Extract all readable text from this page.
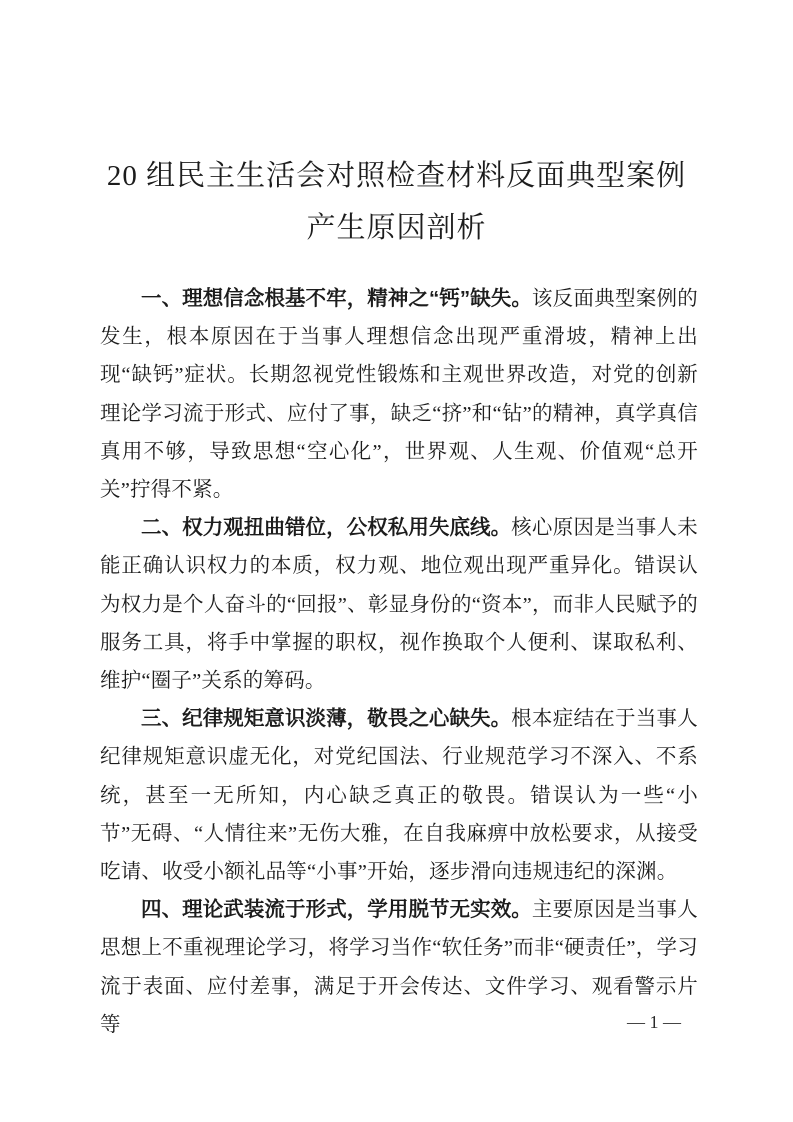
20 组民主生活会对照检查材料反面典型案例
产生原因剖析

一、理想信念根基不牢，精神之“钙”缺失。该反面典型案例的发生，根本原因在于当事人理想信念出现严重滑坡，精神上出现“缺钙”症状。长期忽视党性锻炼和主观世界改造，对党的创新理论学习流于形式、应付了事，缺乏“挤”和“钻”的精神，真学真信真用不够，导致思想“空心化”，世界观、人生观、价值观“总开关”拧得不紧。

二、权力观扭曲错位，公权私用失底线。核心原因是当事人未能正确认识权力的本质，权力观、地位观出现严重异化。错误认为权力是个人奋斗的“回报”、彰显身份的“资本”，而非人民赋予的服务工具，将手中掌握的职权，视作换取个人便利、谋取私利、维护“圈子”关系的筹码。

三、纪律规矩意识淡薄，敬畏之心缺失。根本症结在于当事人纪律规矩意识虚无化，对党纪国法、行业规范学习不深入、不系统，甚至一无所知，内心缺乏真正的敬畏。错误认为一些“小节”无碍、“人情往来”无伤大雅，在自我麻痹中放松要求，从接受吃请、收受小额礼品等“小事”开始，逐步滑向违规违纪的深渊。

四、理论武装流于形式，学用脱节无实效。主要原因是当事人思想上不重视理论学习，将学习当作“软任务”而非“硬责任”，学习流于表面、应付差事，满足于开会传达、文件学习、观看警示片等	— 1 —
